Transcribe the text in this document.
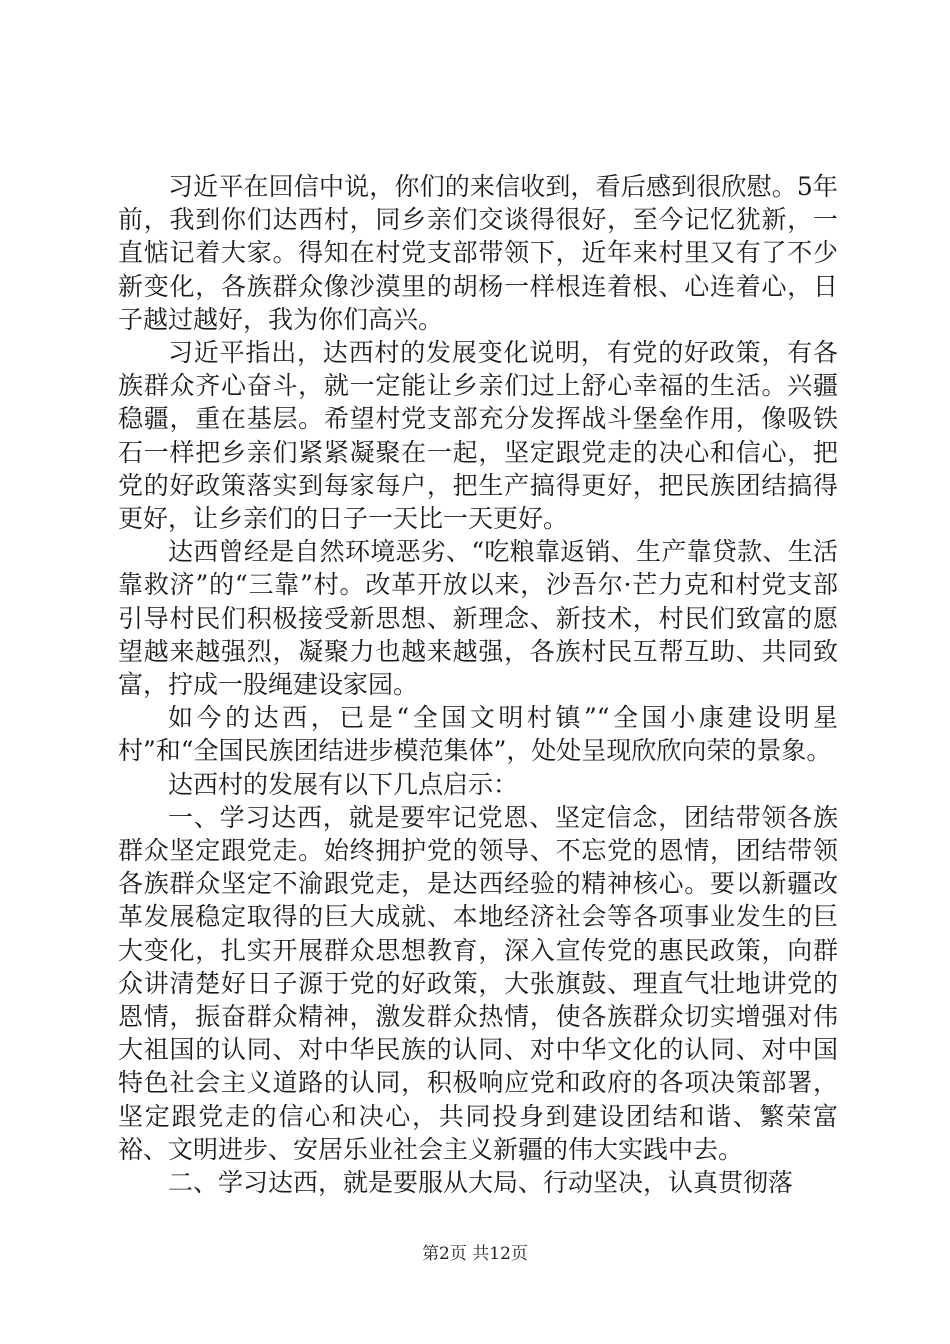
习近平在回信中说，你们的来信收到，看后感到很欣慰。5年前，我到你们达西村，同乡亲们交谈得很好，至今记忆犹新，一直惦记着大家。得知在村党支部带领下，近年来村里又有了不少新变化，各族群众像沙漠里的胡杨一样根连着根、心连着心，日子越过越好，我为你们高兴。

习近平指出，达西村的发展变化说明，有党的好政策，有各族群众齐心奋斗，就一定能让乡亲们过上舒心幸福的生活。兴疆稳疆，重在基层。希望村党支部充分发挥战斗堡垒作用，像吸铁石一样把乡亲们紧紧凝聚在一起，坚定跟党走的决心和信心，把党的好政策落实到每家每户，把生产搞得更好，把民族团结搞得更好，让乡亲们的日子一天比一天更好。

达西曾经是自然环境恶劣、“吃粮靠返销、生产靠贷款、生活靠救济”的“三靠”村。改革开放以来，沙吾尔·芒力克和村党支部引导村民们积极接受新思想、新理念、新技术，村民们致富的愿望越来越强烈，凝聚力也越来越强，各族村民互帮互助、共同致富，拧成一股绳建设家园。

如今的达西，已是“全国文明村镇”“全国小康建设明星村”和“全国民族团结进步模范集体”，处处呈现欣欣向荣的景象。

达西村的发展有以下几点启示：

一、学习达西，就是要牢记党恩、坚定信念，团结带领各族群众坚定跟党走。始终拥护党的领导、不忘党的恩情，团结带领各族群众坚定不渝跟党走，是达西经验的精神核心。要以新疆改革发展稳定取得的巨大成就、本地经济社会等各项事业发生的巨大变化，扎实开展群众思想教育，深入宣传党的惠民政策，向群众讲清楚好日子源于党的好政策，大张旗鼓、理直气壮地讲党的恩情，振奋群众精神，激发群众热情，使各族群众切实增强对伟大祖国的认同、对中华民族的认同、对中华文化的认同、对中国特色社会主义道路的认同，积极响应党和政府的各项决策部署，坚定跟党走的信心和决心，共同投身到建设团结和谐、繁荣富裕、文明进步、安居乐业社会主义新疆的伟大实践中去。

二、学习达西，就是要服从大局、行动坚决，认真贯彻落

第2页 共12页
